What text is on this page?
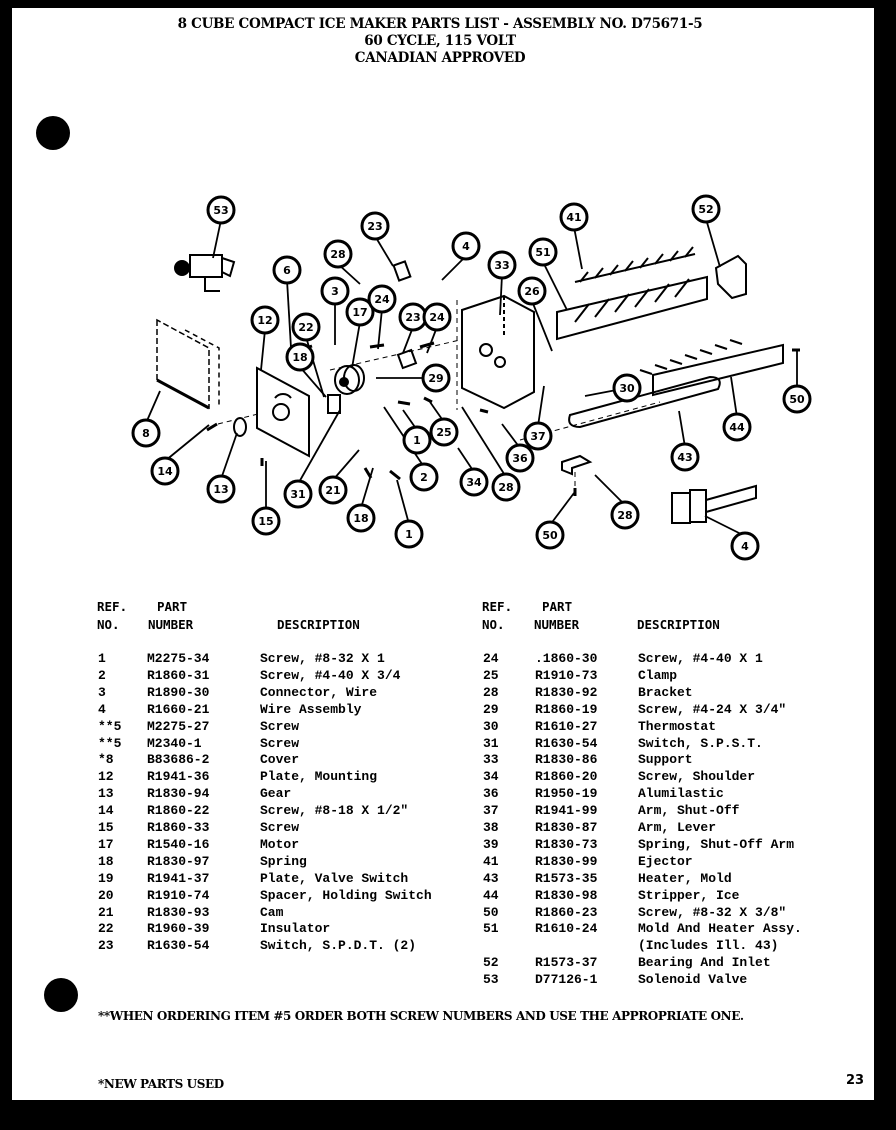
8 CUBE COMPACT ICE MAKER PARTS LIST - ASSEMBLY NO. D75671-5
60 CYCLE, 115 VOLT
CANADIAN APPROVED
53
6
28
23
4
3
17
24
12
22
18
23 24
33
51
41
52
26
29
30
50
8
14
13
15
31 21
18
1
1
2
25
34 28
36
37
43
44
28
50
4
REF.
NO.
PART
NUMBER	DESCRIPTION
1	M2275-34	Screw, #8-32 X 1
2	R1860-31	Screw, #4-40 X 3/4
3	R1890-30	Connector, Wire
4	R1660-21	Wire Assembly
**5 M2275-27	Screw
**5 M2340-1	Screw
*8	B83686-2	Cover
12	R1941-36	Plate, Mounting
13	R1830-94	Gear
14	R1860-22	Screw, #8-18 X 1/2"
15	R1860-33	Screw
17	R1540-16	Motor
18	R1830-97	Spring
19	R1941-37	Plate, Valve Switch
20	R1910-74	Spacer, Holding Switch
21	R1830-93	Cam
22	R1960-39	Insulator
23	R1630-54	Switch, S.P.D.T. (2)
REF.
NO.
PART
NUMBER	DESCRIPTION
24	.1860-30	Screw, #4-40 X 1
25	R1910-73	Clamp
28	R1830-92	Bracket
29	R1860-19	Screw, #4-24 X 3/4"
30	R1610-27	Thermostat
31	R1630-54	Switch, S.P.S.T.
33	R1830-86	Support
34	R1860-20	Screw, Shoulder
36	R1950-19	Alumilastic
37	R1941-99	Arm, Shut-Off
38	R1830-87	Arm, Lever
39	R1830-73	Spring, Shut-Off Arm
41	R1830-99	Ejector
43	R1573-35	Heater, Mold
44	R1830-98	Stripper, Ice
50	R1860-23	Screw, #8-32 X 3/8"
51	R1610-24	Mold And Heater Assy.
(Includes Ill. 43)
52	R1573-37	Bearing And Inlet
53	D77126-1	Solenoid Valve
**WHEN ORDERING ITEM #5 ORDER BOTH SCREW NUMBERS AND USE THE APPROPRIATE ONE.
*NEW PARTS USED	23
